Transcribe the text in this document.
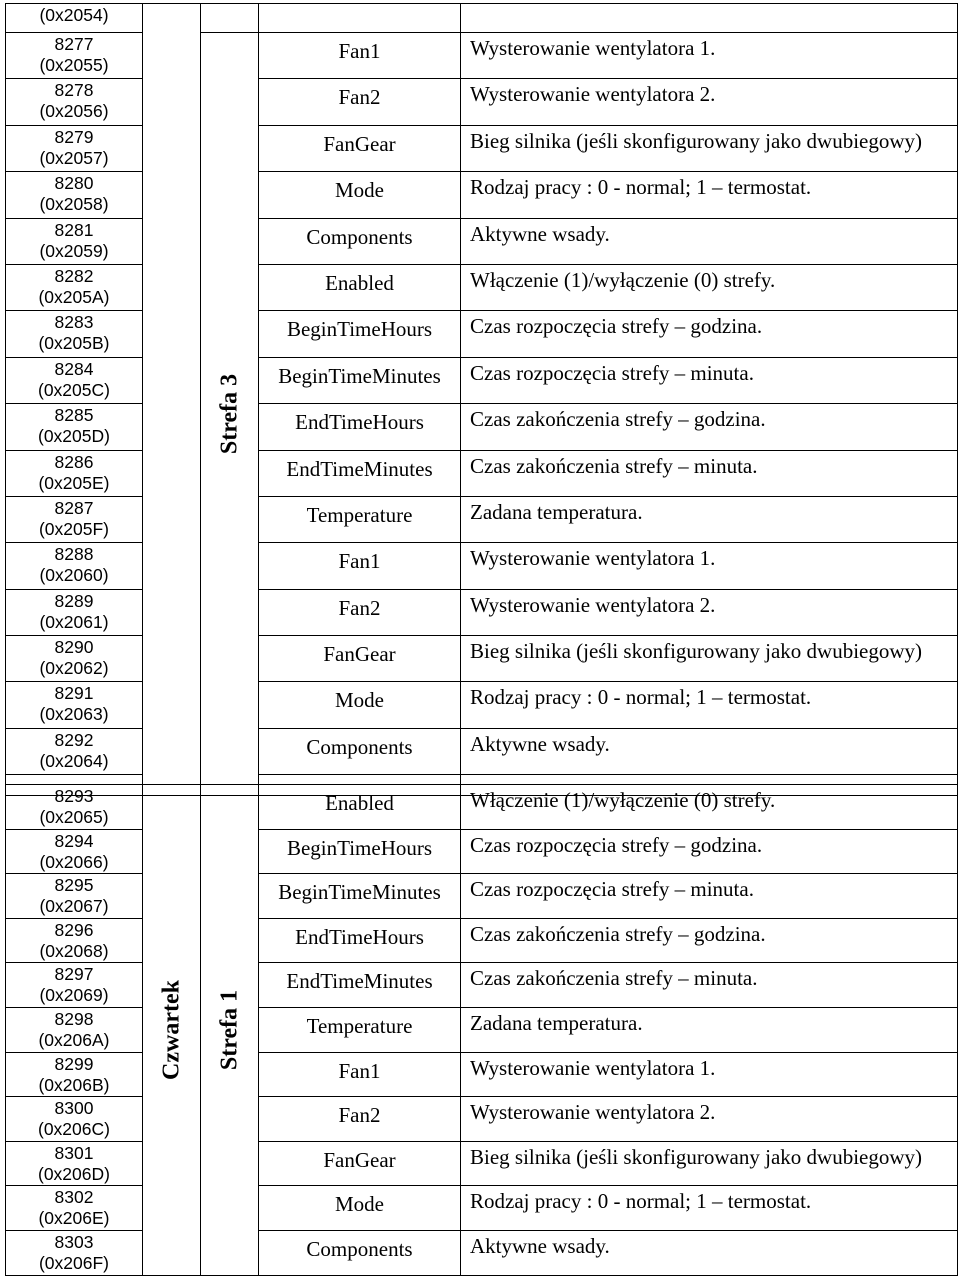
(0x2054)				

8277
(0x2055)		Strefa 3	Fan1	Wysterowanie wentylatora 1.

8278
(0x2056)			Fan2	Wysterowanie wentylatora 2.

8279
(0x2057)			FanGear	Bieg silnika (jeśli skonfigurowany jako dwubiegowy)

8280
(0x2058)			Mode	Rodzaj pracy : 0 - normal; 1 – termostat.

8281
(0x2059)			Components	Aktywne wsady.

8282
(0x205A)			Enabled	Włączenie (1)/wyłączenie (0) strefy.

8283
(0x205B)			BeginTimeHours	Czas rozpoczęcia strefy – godzina.

8284
(0x205C)			BeginTimeMinutes	Czas rozpoczęcia strefy – minuta.

8285
(0x205D)			EndTimeHours	Czas zakończenia strefy – godzina.

8286
(0x205E)			EndTimeMinutes	Czas zakończenia strefy – minuta.

8287
(0x205F)			Temperature	Zadana temperatura.

8288
(0x2060)			Fan1	Wysterowanie wentylatora 1.

8289
(0x2061)			Fan2	Wysterowanie wentylatora 2.

8290
(0x2062)			FanGear	Bieg silnika (jeśli skonfigurowany jako dwubiegowy)

8291
(0x2063)			Mode	Rodzaj pracy : 0 - normal; 1 – termostat.

8292
(0x2064)			Components	Aktywne wsady.

8293
(0x2065)	Czwartek	Strefa 1	Enabled	Włączenie (1)/wyłączenie (0) strefy.

8294
(0x2066)			BeginTimeHours	Czas rozpoczęcia strefy – godzina.

8295
(0x2067)			BeginTimeMinutes	Czas rozpoczęcia strefy – minuta.

8296
(0x2068)			EndTimeHours	Czas zakończenia strefy – godzina.

8297
(0x2069)			EndTimeMinutes	Czas zakończenia strefy – minuta.

8298
(0x206A)			Temperature	Zadana temperatura.

8299
(0x206B)			Fan1	Wysterowanie wentylatora 1.

8300
(0x206C)			Fan2	Wysterowanie wentylatora 2.

8301
(0x206D)			FanGear	Bieg silnika (jeśli skonfigurowany jako dwubiegowy)

8302
(0x206E)			Mode	Rodzaj pracy : 0 - normal; 1 – termostat.

8303
(0x206F)			Components	Aktywne wsady.
